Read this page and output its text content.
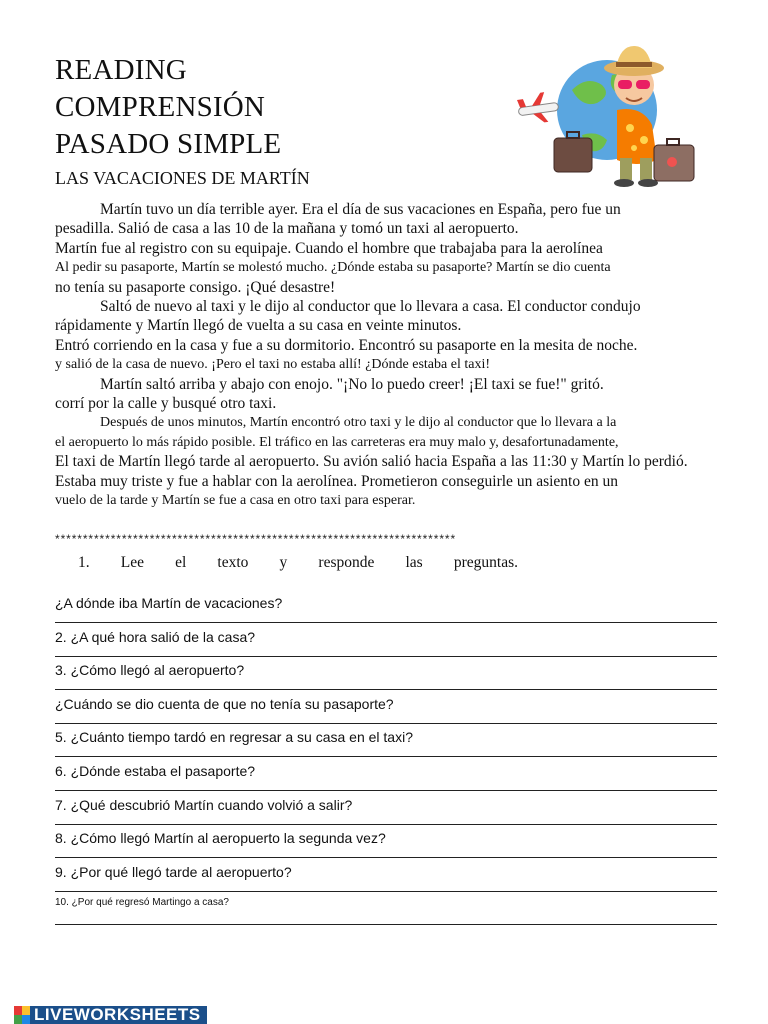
READING
COMPRENSIÓN
PASADO SIMPLE
LAS VACACIONES DE MARTÍN
Martín tuvo un día terrible ayer. Era el día de sus vacaciones en España, pero fue un
pesadilla. Salió de casa a las 10 de la mañana y tomó un taxi al aeropuerto.
Martín fue al registro con su equipaje. Cuando el hombre que trabajaba para la aerolínea
Al pedir su pasaporte, Martín se molestó mucho. ¿Dónde estaba su pasaporte? Martín se dio cuenta
no tenía su pasaporte consigo. ¡Qué desastre!
Saltó de nuevo al taxi y le dijo al conductor que lo llevara a casa. El conductor condujo
rápidamente y Martín llegó de vuelta a su casa en veinte minutos.
Entró corriendo en la casa y fue a su dormitorio. Encontró su pasaporte en la mesita de noche.
y salió de la casa de nuevo. ¡Pero el taxi no estaba allí! ¿Dónde estaba el taxi!
Martín saltó arriba y abajo con enojo. "¡No lo puedo creer! ¡El taxi se fue!" gritó.
corrí por la calle y busqué otro taxi.
Después de unos minutos, Martín encontró otro taxi y le dijo al conductor que lo llevara a la
el aeropuerto lo más rápido posible. El tráfico en las carreteras era muy malo y, desafortunadamente,
El taxi de Martín llegó tarde al aeropuerto. Su avión salió hacia España a las 11:30 y Martín lo perdió.
Estaba muy triste y fue a hablar con la aerolínea. Prometieron conseguirle un asiento en un
vuelo de la tarde y Martín se fue a casa en otro taxi para esperar.
************************************************************************
1. Lee el texto y responde las preguntas.
¿A dónde iba Martín de vacaciones?
2. ¿A qué hora salió de la casa?
3. ¿Cómo llegó al aeropuerto?
¿Cuándo se dio cuenta de que no tenía su pasaporte?
5. ¿Cuánto tiempo tardó en regresar a su casa en el taxi?
6. ¿Dónde estaba el pasaporte?
7. ¿Qué descubrió Martín cuando volvió a salir?
8. ¿Cómo llegó Martín al aeropuerto la segunda vez?
9. ¿Por qué llegó tarde al aeropuerto?
10. ¿Por qué regresó Martingo a casa?
LIVEWORKSHEETS
